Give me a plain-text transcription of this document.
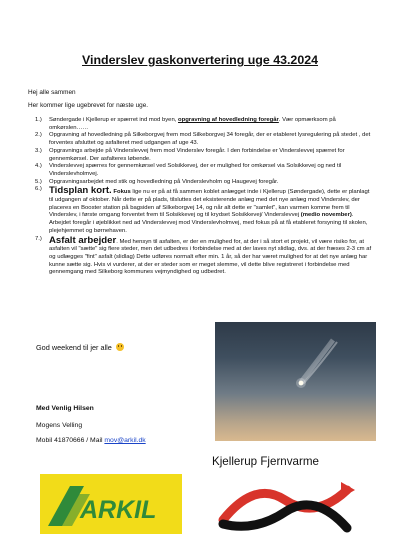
Vinderslev gaskonvertering uge 43.2024
Hej alle sammen
Her kommer lige ugebrevet for næste uge.
1.) Søndergade i Kjellerup er spærret ind mod byen, opgravning af hovedledning foregår. Vær opmærksom på omkørslen……
2.) Opgravning af hovedledning på Silkeborgvej frem mod Silkeborgvej 34 foregår, der er etableret lysregulering på stedet , det forventes afsluttet og asfalteret med udgangen af uge 43.
3.) Opgravnings arbejde på Vinderslevvej frem mod Vinderslev foregår. I den forbindelse er Vinderslevvej spærret for gennemkørsel. Der asfalteres løbende.
4.) Vinderslevvej spærres for gennemkørsel ved Solsikkevej, der er mulighed for omkørsel via Solsikkevej og ned til Vinderslevholmvej.
5.) Opgravningsarbejdet med stik og hovedledning på Vinderslevholm og Haugevej foregår.
6.) Tidsplan kort. Fokus lige nu er på at få sammen koblet anlægget inde i Kjellerup (Søndergade), dette er planlagt til udgangen af oktober. Når dette er på plads, tilsluttes det eksisterende anlæg med det nye anlæg mod Vinderslev, der placeres en Booster station på bagsiden af Silkeborgvej 14, og når alt dette er "samlet", kan varmen komme frem til Vinderslev, i første omgang forventet frem til Solsikkevej og til krydset Solsikkevej/ Vinderslevvej (medio november). Arbejdet foregår i øjeblikket ned ad Vinderslevvej mod Vinderslevholmvej, med fokus på at få etableret forsyning til skolen, plejehjemmet og børnehaven.
7.) Asfalt arbejder. Med hensyn til asfalten, er der en mulighed for, at der i så stort et projekt, vil være risiko for, at asfalten vil "sætte" sig flere steder, men det udbedres i forbindelse med at der laves nyt slidlag, dvs. at der fræses 2-3 cm af og udlægges "fint" asfalt (slidlag) Dette udføres normalt efter min. 1 år, så der har været mulighed for at det nye anlæg har kunne sætte sig. Hvis vi vurderer, at der er steder som er meget slemme, vil dette blive registreret i forbindelse med gennemgang med Silkeborg kommunes vejmyndighed og udbedret.
God weekend til jer alle
Med Venlig Hilsen
Mogens Velling
Mobil 41870666 / Mail mov@arkil.dk
Kjellerup Fjernvarme
ARKIL
